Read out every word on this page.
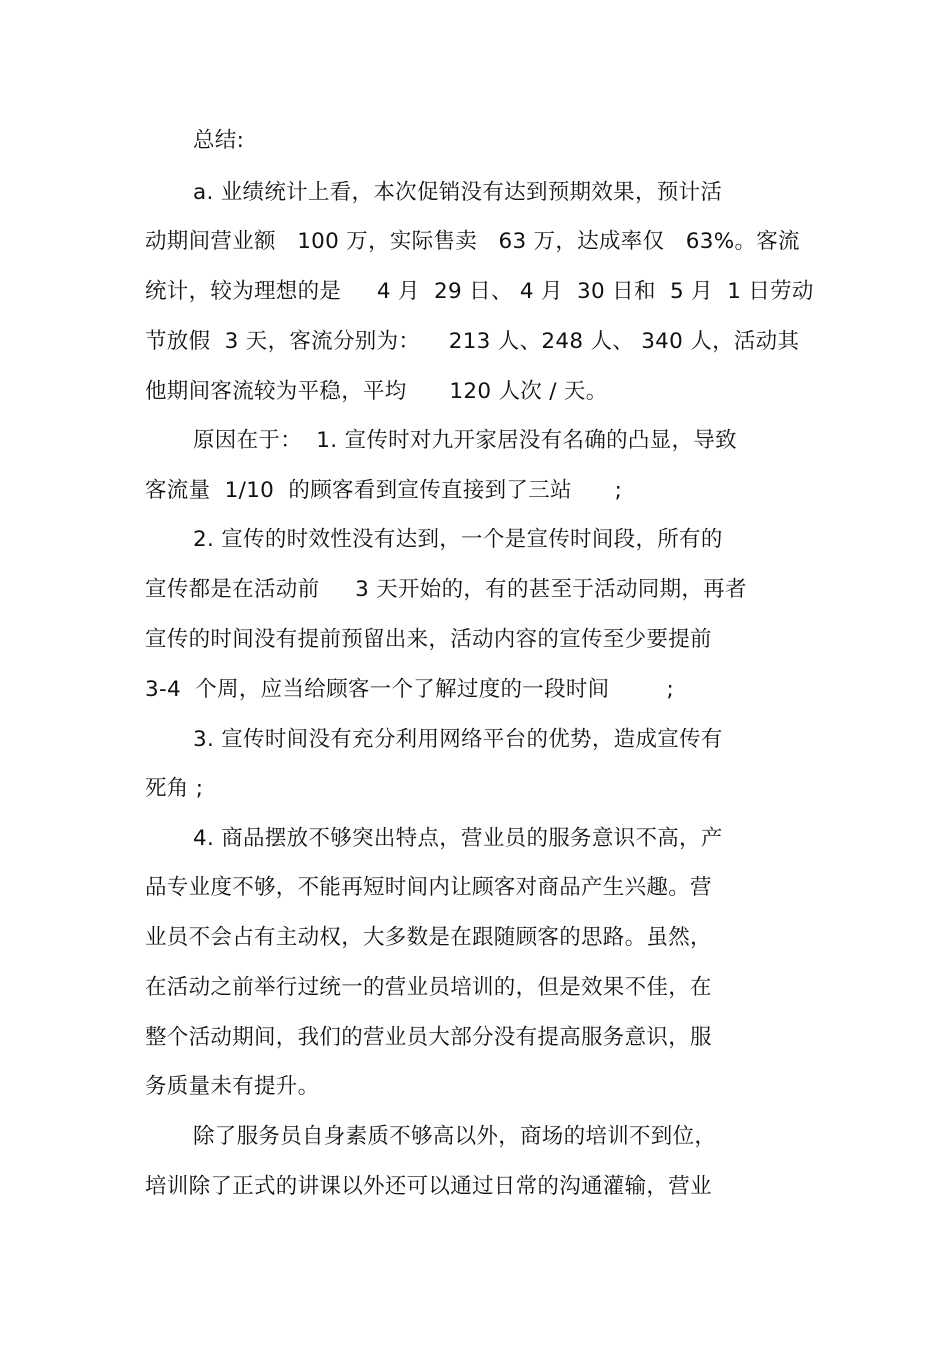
总结:
a. 业绩统计上看，本次促销没有达到预期效果，预计活
动期间营业额   100 万，实际售卖   63 万，达成率仅   63%。客流
统计，较为理想的是     4 月  29 日、 4 月  30 日和  5 月  1 日劳动
节放假  3 天，客流分别为：    213 人、248 人、 340 人，活动其
他期间客流较为平稳，平均      120 人次 / 天。
原因在于：  1. 宣传时对九开家居没有名确的凸显，导致
客流量  1/10  的顾客看到宣传直接到了三站      ;
2. 宣传的时效性没有达到，一个是宣传时间段，所有的
宣传都是在活动前     3 天开始的，有的甚至于活动同期，再者
宣传的时间没有提前预留出来，活动内容的宣传至少要提前
3-4  个周，应当给顾客一个了解过度的一段时间        ;
3. 宣传时间没有充分利用网络平台的优势，造成宣传有
死角 ;
4. 商品摆放不够突出特点，营业员的服务意识不高，产
品专业度不够，不能再短时间内让顾客对商品产生兴趣。营
业员不会占有主动权，大多数是在跟随顾客的思路。虽然，
在活动之前举行过统一的营业员培训的，但是效果不佳，在
整个活动期间，我们的营业员大部分没有提高服务意识，服
务质量未有提升。
除了服务员自身素质不够高以外，商场的培训不到位，
培训除了正式的讲课以外还可以通过日常的沟通灌输，营业
